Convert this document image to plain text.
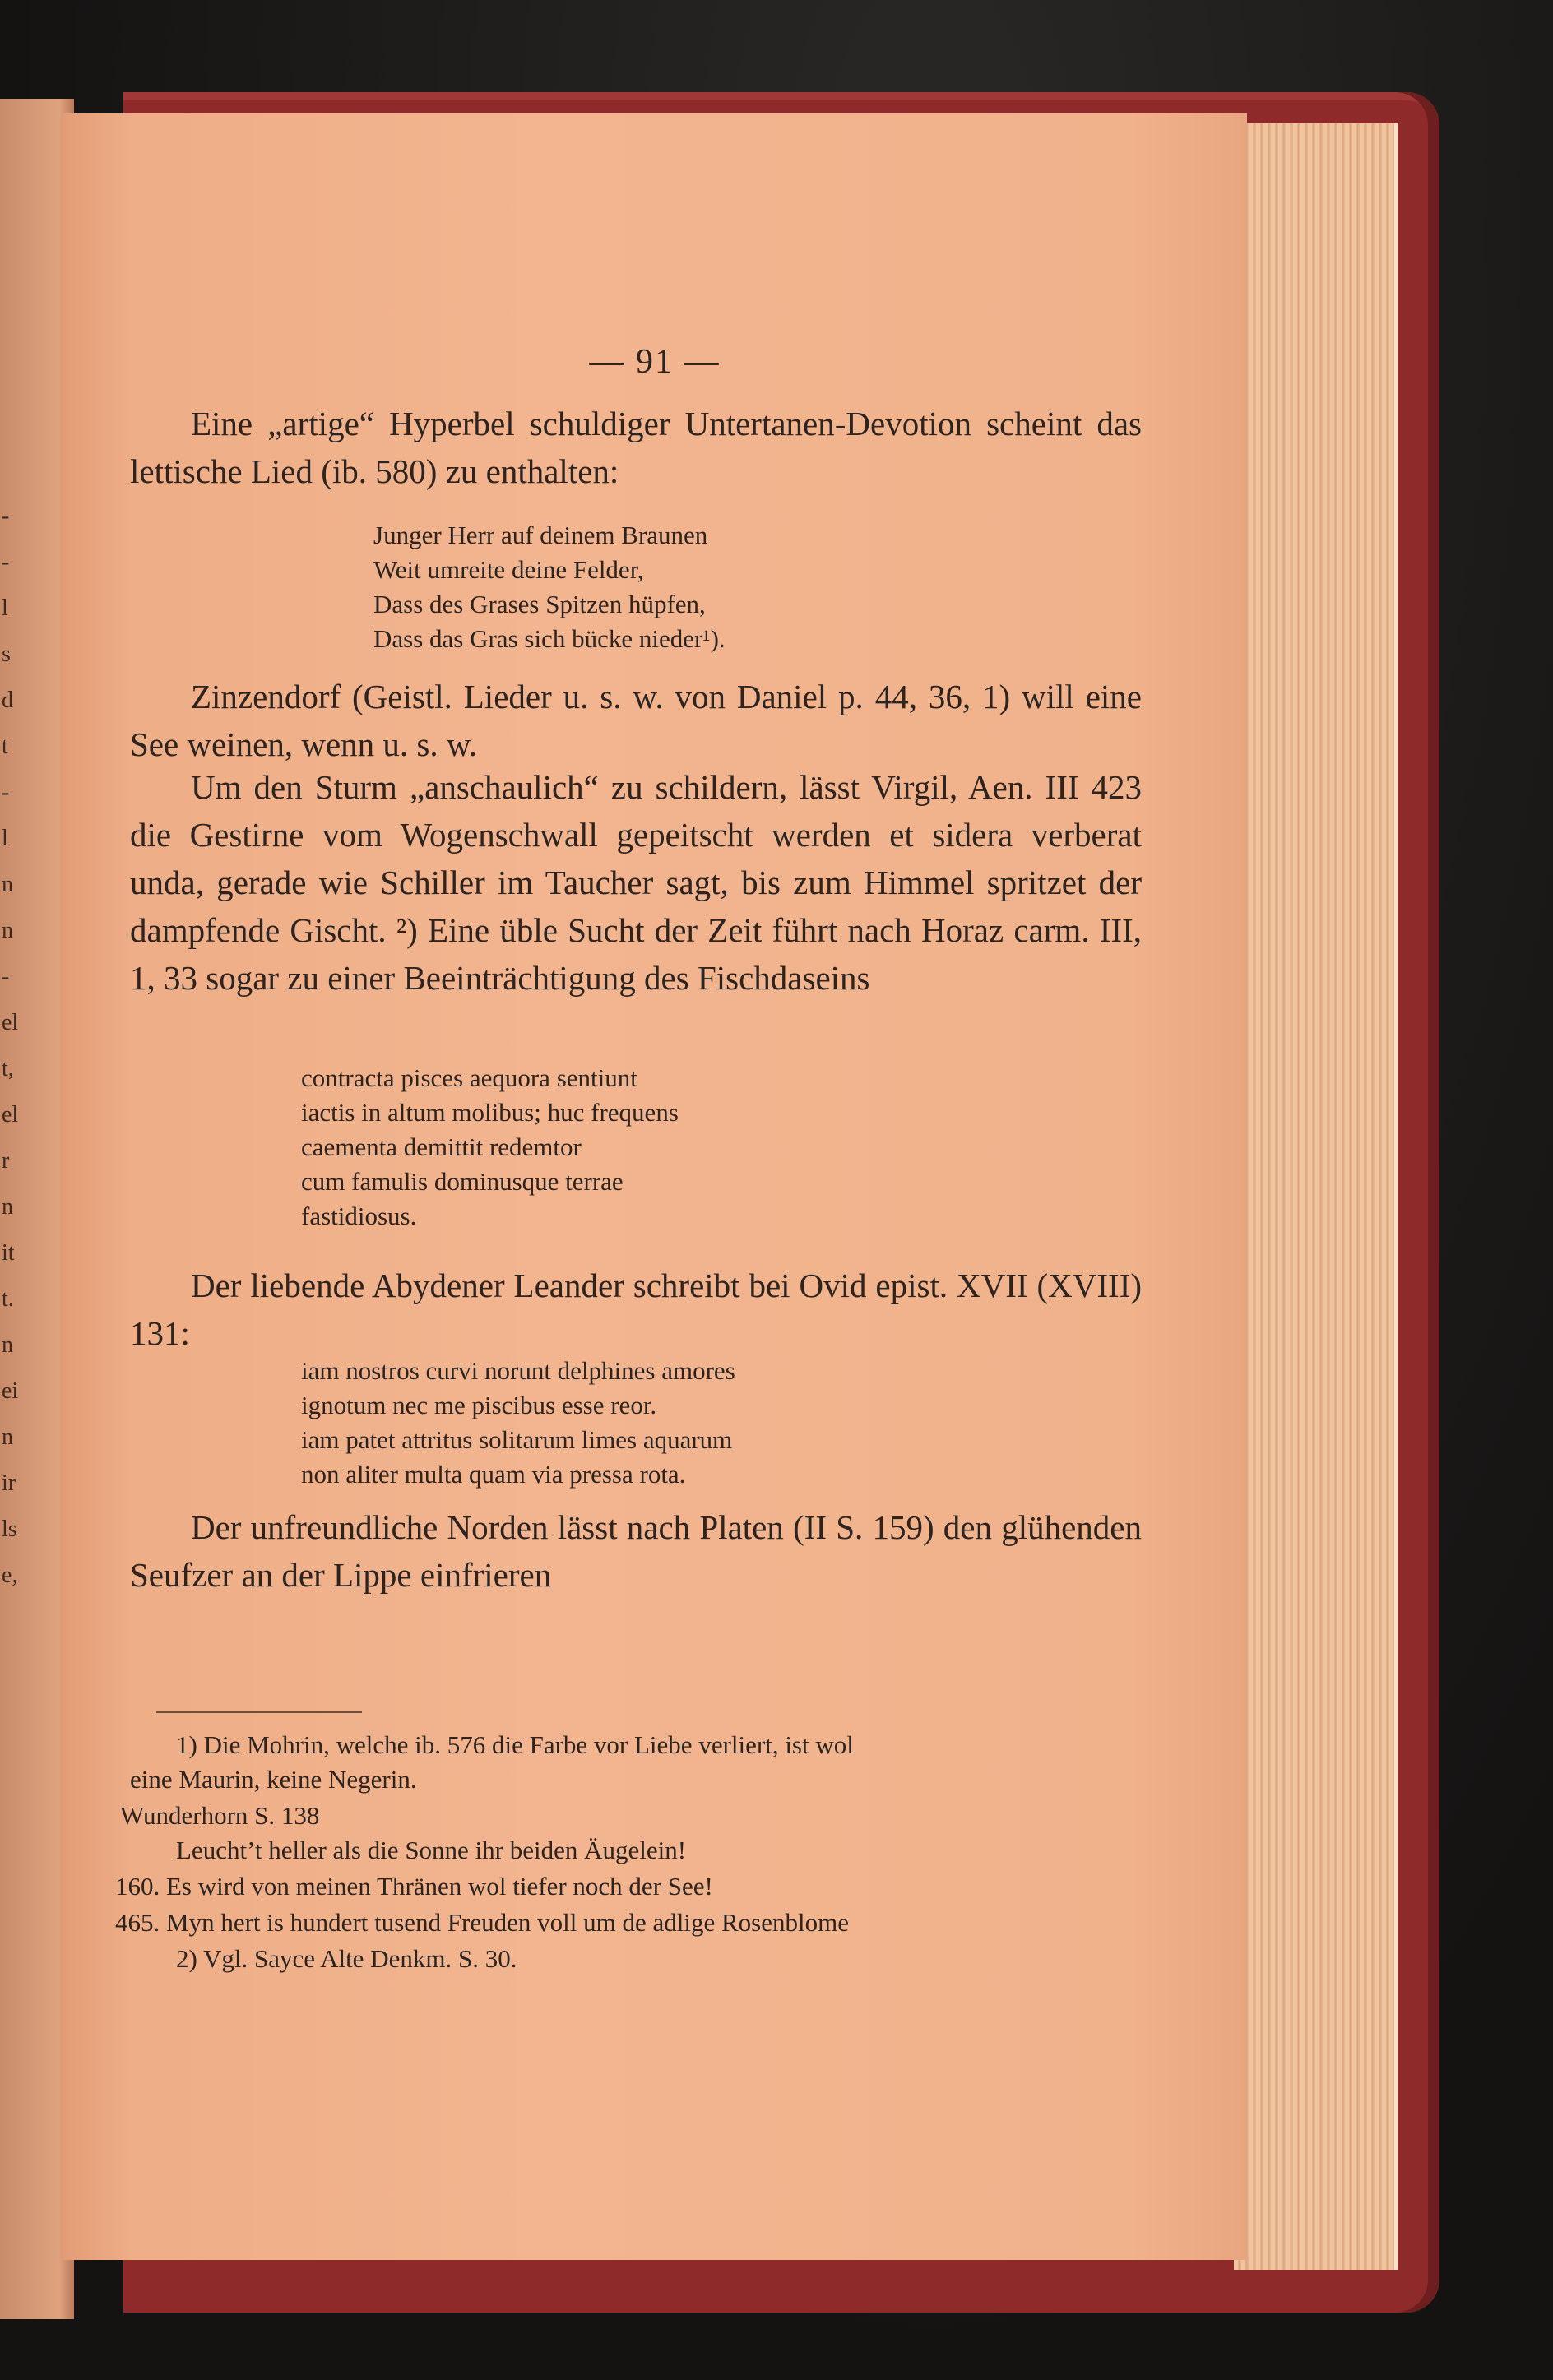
-
-
l
s
d
t
-
l
n
n
-
el
t,
el
r
n
it
t.
n
ei
n
ir
ls
e,
— 91 —
Eine „artige“ Hyperbel schuldiger Untertanen-Devotion scheint das lettische Lied (ib. 580) zu enthalten:
Junger Herr auf deinem Braunen
Weit umreite deine Felder,
Dass des Grases Spitzen hüpfen,
Dass das Gras sich bücke nieder¹).
Zinzendorf (Geistl. Lieder u. s. w. von Daniel p. 44, 36, 1) will eine See weinen, wenn u. s. w.
Um den Sturm „anschaulich“ zu schildern, lässt Virgil, Aen. III 423 die Gestirne vom Wogenschwall gepeitscht werden et sidera verberat unda, gerade wie Schiller im Taucher sagt, bis zum Himmel spritzet der dampfende Gischt. ²) Eine üble Sucht der Zeit führt nach Horaz carm. III, 1, 33 sogar zu einer Beeinträchtigung des Fischdaseins
contracta pisces aequora sentiunt
iactis in altum molibus; huc frequens
caementa demittit redemtor
cum famulis dominusque terrae
fastidiosus.
Der liebende Abydener Leander schreibt bei Ovid epist. XVII (XVIII) 131:
iam nostros curvi norunt delphines amores
ignotum nec me piscibus esse reor.
iam patet attritus solitarum limes aquarum
non aliter multa quam via pressa rota.
Der unfreundliche Norden lässt nach Platen (II S. 159) den glühenden Seufzer an der Lippe einfrieren
1) Die Mohrin, welche ib. 576 die Farbe vor Liebe verliert, ist wol
eine Maurin, keine Negerin.
Wunderhorn S. 138
Leucht’t heller als die Sonne ihr beiden Äugelein!
160. Es wird von meinen Thränen wol tiefer noch der See!
465. Myn hert is hundert tusend Freuden voll um de adlige Rosenblome
2) Vgl. Sayce Alte Denkm. S. 30.
